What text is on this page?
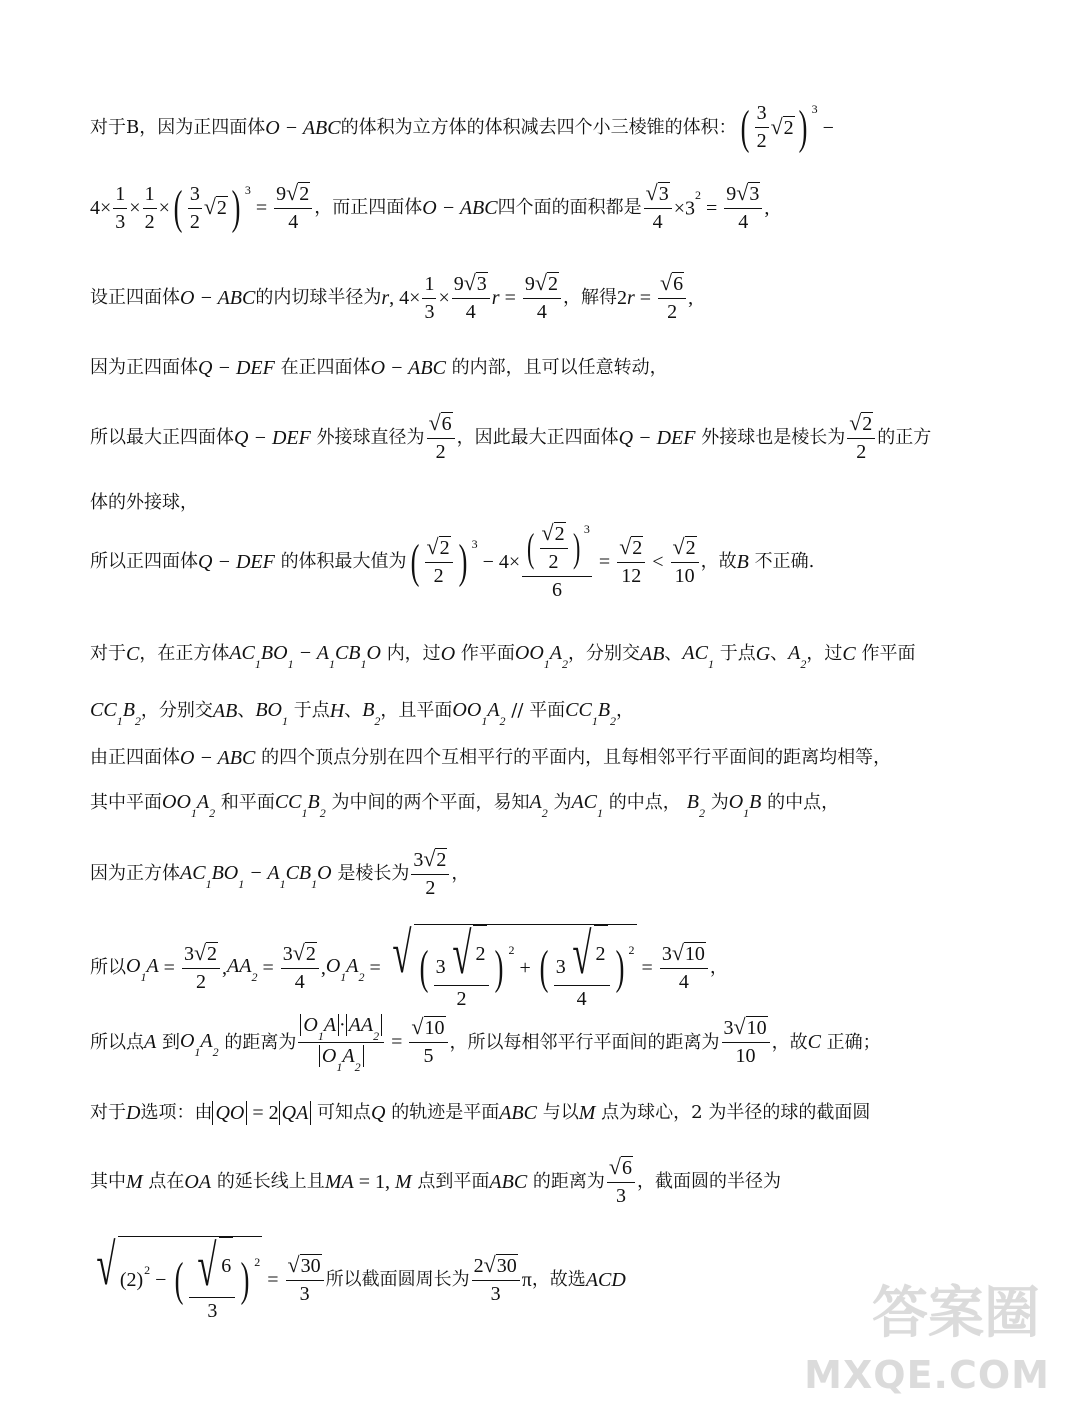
对于B，因为正四面体 O − ABC 的体积为立方体的体积减去四个小三棱锥的体积： ( $\frac{3}{2}$ √ 2 ) $^3$
−
$4\times \frac{1}{3} \times \frac{1}{2}$ × ( $\frac{3}{2}$ √ 2 ) $^3$
= $\frac{9 √ 2}{4}$ ，而正四面体 O − ABC 四个面的面积都是 $\frac{√ 3}{4} \times 3^2 = \frac{9 √ 3}{4}$ ,
设正四面体 O − ABC 的内切球半径为 r , $4\times \frac{1}{3} \times \frac{9 √ 3}{4}$ $r = \frac{9 √ 2}{4}$ ，解得 2 $r = \frac{√ 6}{2}$ ,
因为正四面体 Q − DEF
在正四面体 O − ABC
的内部，且可以任意转动，
所以最大正四面体 Q − DEF
外接球直径为 $\frac{√ 6}{2}$ ，因此最大正四面体 Q − DEF
外接球也是棱长为 $\frac{√ 2}{2}$ 的正方
体的外接球，
所以正四面体 Q − DEF
的体积最大值为 ( $\frac{√ 2}{2}$ ) $^3$
− $4\times \frac{( \frac{√ 2}{2} ) ^3}{6} = \frac{√ 2}{12} < \frac{√ 2}{10}$ ，故 B
不正确.
对于 C ，在正方体 $AC_1BO_1 - A_1CB_1O$
内，过 O
作平面 $OO_1A_2$ ，分别交 AB 、 $AC_1$
于点 G 、 $A_2$ ，过 C
作平面
$CC_1B_2$ ，分别交 AB 、 $BO_1$
于点 H 、 $B_2$ ，且平面 $OO_1A_2$
// 平面 $CC_1B_2$ ，
由正四面体 O − ABC
的四个顶点分别在四个互相平行的平面内，且每相邻平行平面间的距离均相等，
其中平面 $OO_1A_2$
和平面 $CC_1B_2$
为中间的两个平面，易知 $A_2$
为 $AC_1$
的中点， $B_2$
为 $O_1B$
的中点，
因为正方体 $AC_1BO_1 - A_1CB_1O$
是棱长为 $\frac{3 √ 2}{2}$ ，
所以 $O_1A = \frac{3 √ 2}{2}$ , $AA_2 = \frac{3 √ 2}{4}$ , $O_1A_2$ = √ ( $\frac{3 √ 2}{2}$ ) $^2$
+ ( $\frac{3 √ 2}{4}$ ) $^2$
= $\frac{3 √ 10}{4}$ ，
所以点 A
到 $O_1A_2$
的距离为 $\frac{O_1A \cdot AA_2}{O_1A_2} = \frac{√ 10}{5}$ ，所以每相邻平行平面间的距离为 $\frac{3 √ 10}{10}$ ，故 C
正确；
对于 D 选项：由 QO = 2 QA
可知点 Q
的轨迹是平面 ABC
与以 M
点为球心，2 为半径的球的截面圆
其中 M
点在 OA
的延长线上且 MA = 1, M
点到平面 ABC
的距离为 $\frac{√ 6}{3}$ ，截面圆的半径为
√ $(2)^2$ − ( $\frac{√ 6}{3}$ ) $^2$
= $\frac{√ 30}{3}$ 所以截面圆周长为 $\frac{2 √ 30}{3}$ π ，故选 ACD
答案圈
MXQE.COM
